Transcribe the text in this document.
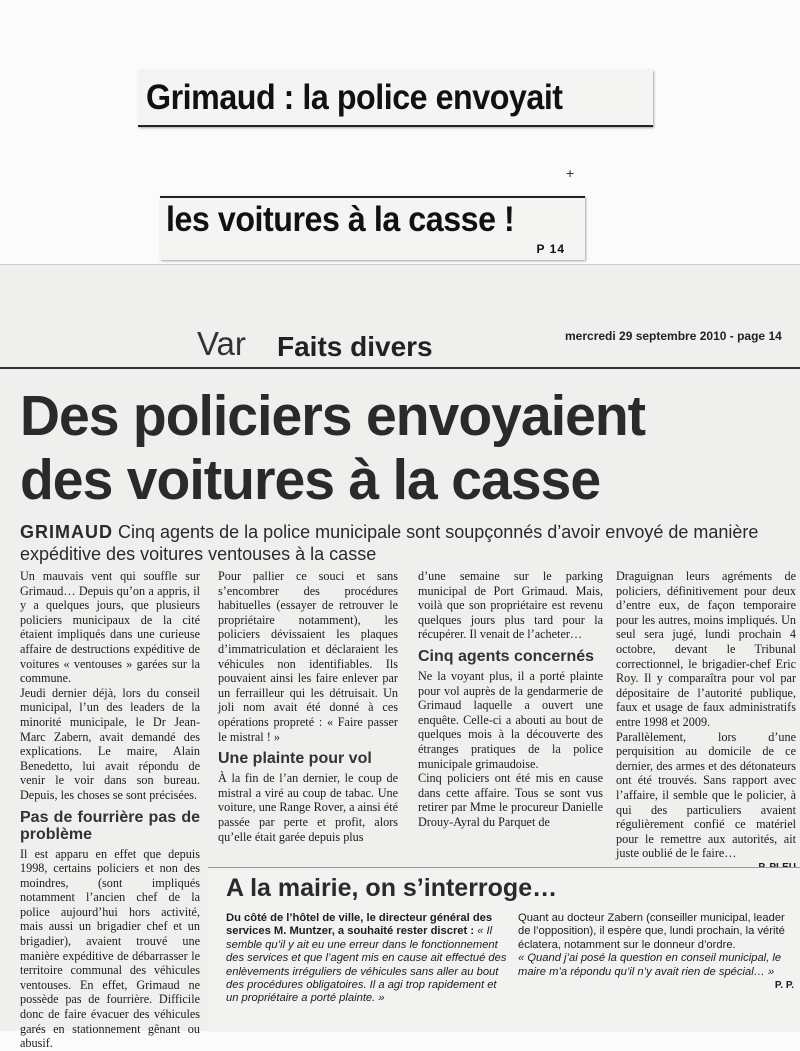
Grimaud : la police envoyait
+
les voitures à la casse !
P 14
Var Faits divers	mercredi 29 septembre 2010 - page 14
Des policiers envoyaient
des voitures à la casse
GRIMAUD Cinq agents de la police municipale sont soupçonnés d’avoir envoyé de manière expéditive des voitures ventouses à la casse

Un mauvais vent qui souffle sur Grimaud… Depuis qu’on a appris, il y a quelques jours, que plusieurs policiers municipaux de la cité étaient impliqués dans une curieuse affaire de destructions expéditive de voitures « ventouses » garées sur la commune.

Jeudi dernier déjà, lors du conseil municipal, l’un des leaders de la minorité municipale, le Dr Jean-Marc Zabern, avait demandé des explications. Le maire, Alain Benedetto, lui avait répondu de venir le voir dans son bureau. Depuis, les choses se sont précisées.

Pas de fourrière pas de problème

Il est apparu en effet que depuis 1998, certains policiers et non des moindres, (sont impliqués notamment l’ancien chef de la police aujourd’hui hors activité, mais aussi un brigadier chef et un brigadier), avaient trouvé une manière expéditive de débarrasser le territoire communal des véhicules ventouses. En effet, Grimaud ne possède pas de fourrière. Difficile donc de faire évacuer des véhicules garés en stationnement gênant ou abusif.

Pour pallier ce souci et sans s’encombrer des procédures habituelles (essayer de retrouver le propriétaire notamment), les policiers dévissaient les plaques d’immatriculation et déclaraient les véhicules non identifiables. Ils pouvaient ainsi les faire enlever par un ferrailleur qui les détruisait. Un joli nom avait été donné à ces opérations propreté : « Faire passer le mistral ! »

Une plainte pour vol

À la fin de l’an dernier, le coup de mistral a viré au coup de tabac. Une voiture, une Range Rover, a ainsi été passée par perte et profit, alors qu’elle était garée depuis plus

d’une semaine sur le parking municipal de Port Grimaud. Mais, voilà que son propriétaire est revenu quelques jours plus tard pour la récupérer. Il venait de l’acheter…

Cinq agents concernés

Ne la voyant plus, il a porté plainte pour vol auprès de la gendarmerie de Grimaud laquelle a ouvert une enquête. Celle-ci a abouti au bout de quelques mois à la découverte des étranges pratiques de la police municipale grimaudoise.

Cinq policiers ont été mis en cause dans cette affaire. Tous se sont vus retirer par Mme le procureur Danielle Drouy-Ayral du Parquet de

Draguignan leurs agréments de policiers, définitivement pour deux d’entre eux, de façon temporaire pour les autres, moins impliqués. Un seul sera jugé, lundi prochain 4 octobre, devant le Tribunal correctionnel, le brigadier-chef Eric Roy. Il y comparaîtra pour vol par dépositaire de l’autorité publique, faux et usage de faux administratifs entre 1998 et 2009.

Parallèlement, lors d’une perquisition au domicile de ce dernier, des armes et des détonateurs ont été trouvés. Sans rapport avec l’affaire, il semble que le policier, à qui des particuliers avaient régulièrement confié ce matériel pour le remettre aux autorités, ait juste oublié de le faire…

A la mairie, on s’interroge…

Du côté de l’hôtel de ville, le directeur général des services M. Muntzer, a souhaité rester discret : « Il semble qu’il y ait eu une erreur dans le fonctionnement des services et que l’agent mis en cause ait effectué des enlèvements irréguliers de véhicules sans aller au bout des procédures obligatoires. Il a agi trop rapidement et un propriétaire a porté plainte. »

Quant au docteur Zabern (conseiller municipal, leader de l’opposition), il espère que, lundi prochain, la vérité éclatera, notamment sur le donneur d’ordre.

« Quand j’ai posé la question en conseil municipal, le maire m’a répondu qu’il n’y avait rien de spécial… »

P. P.
